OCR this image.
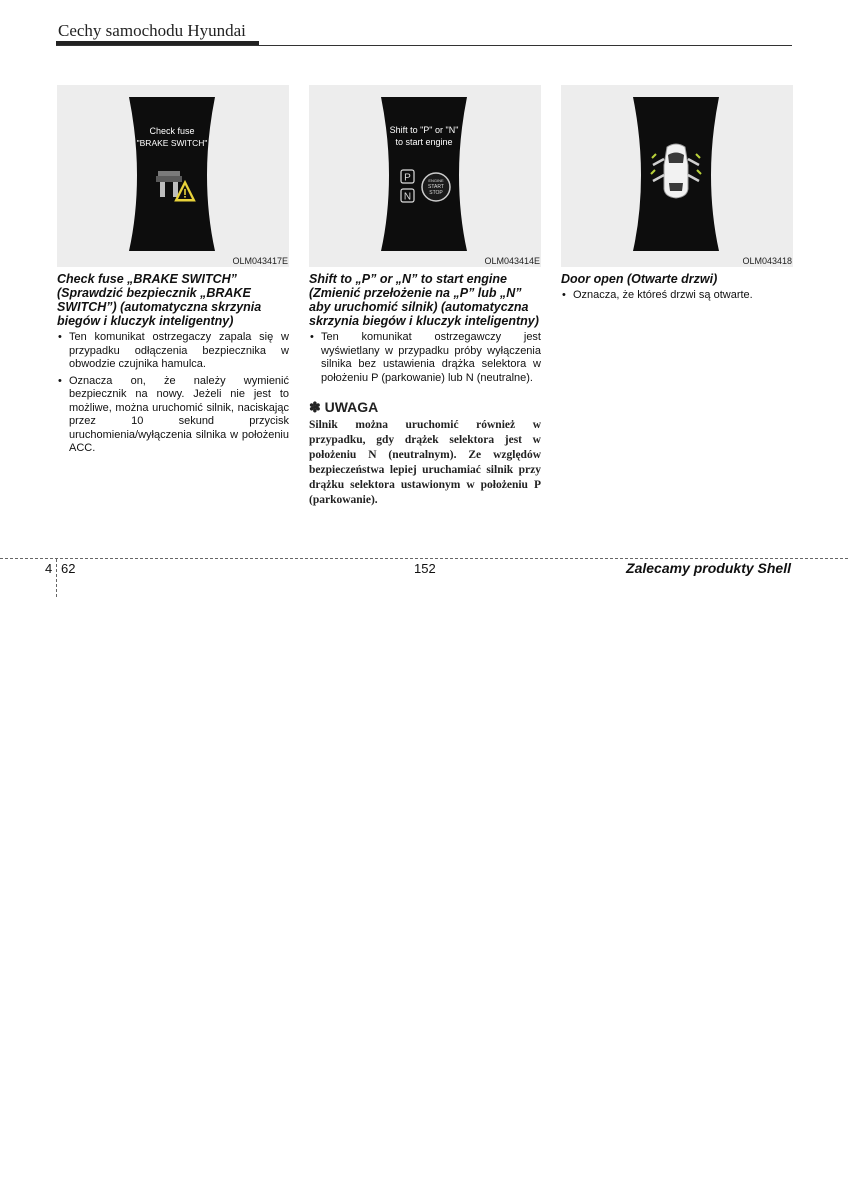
Cechy samochodu Hyundai
Check fuse
"BRAKE SWITCH"
OLM043417E
Check fuse „BRAKE SWITCH” (Sprawdzić bezpiecznik „BRAKE SWITCH”) (automatyczna skrzynia biegów i kluczyk inteligentny)
• Ten komunikat ostrzegaczy zapala się w przypadku odłączenia bezpiecznika w obwodzie czujnika hamulca.
• Oznacza on, że należy wymienić bezpiecznik na nowy. Jeżeli nie jest to możliwe, można uruchomić silnik, naciskając przez 10 sekund przycisk uruchomienia/wyłączenia silnika w położeniu ACC.
Shift to "P" or "N"
to start engine
P
N
ENGINE
START
STOP
OLM043414E
Shift to „P” or „N” to start engine (Zmienić przełożenie na „P” lub „N” aby uruchomić silnik) (automatyczna skrzynia biegów i kluczyk inteligentny)
• Ten komunikat ostrzegawczy jest wyświetlany w przypadku próby wyłączenia silnika bez ustawienia drążka selektora w położeniu P (parkowanie) lub N (neutralne).
✽ UWAGA
Silnik można uruchomić również w przypadku, gdy drążek selektora jest w położeniu N (neutralnym). Ze względów bezpieczeństwa lepiej uruchamiać silnik przy drążku selektora ustawionym w położeniu P (parkowanie).
OLM043418
Door open (Otwarte drzwi)
• Oznacza, że któreś drzwi są otwarte.
4 62	152	Zalecamy produkty Shell
